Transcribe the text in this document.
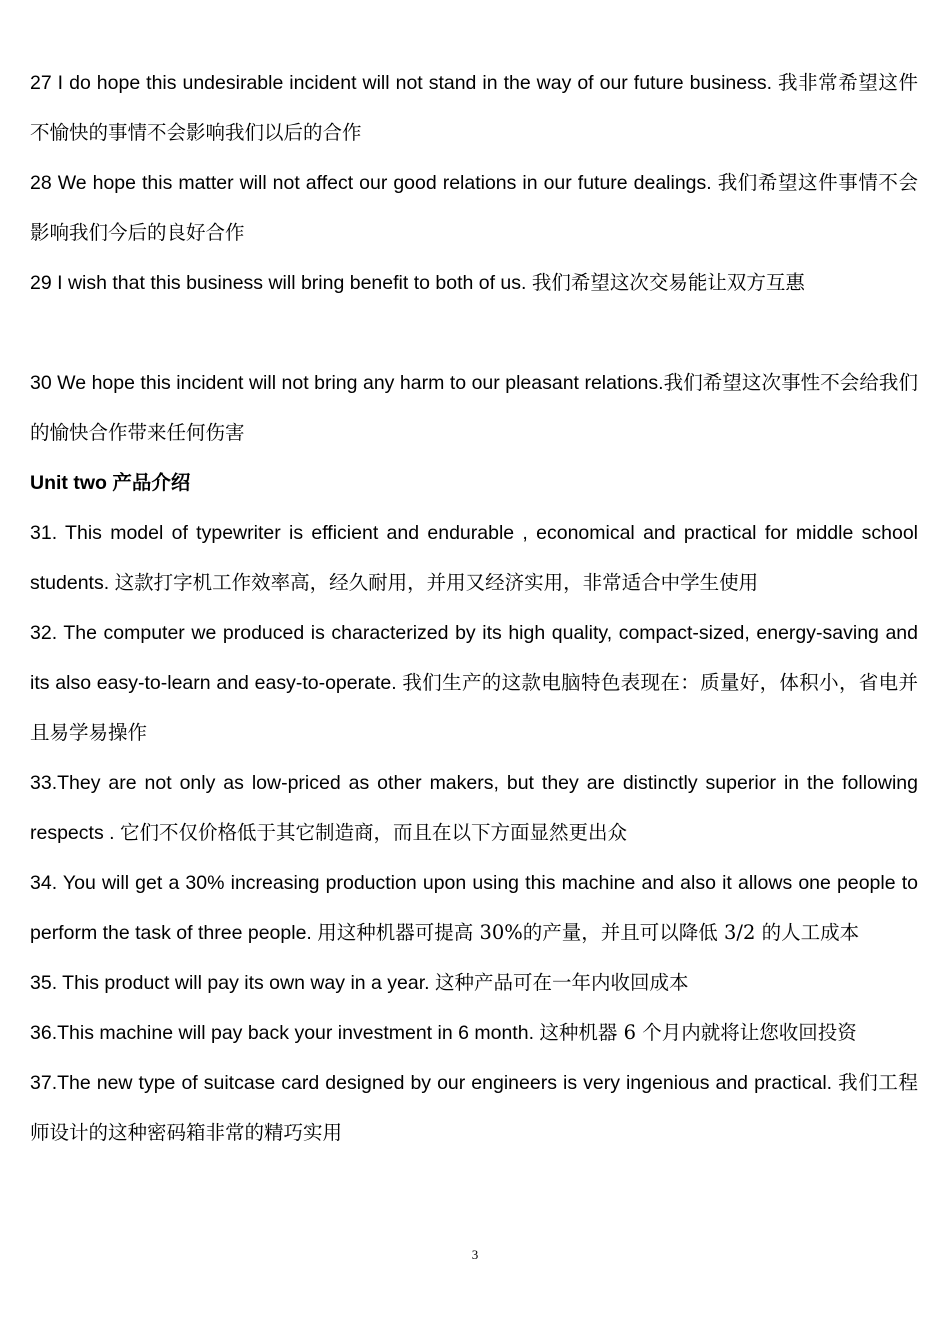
27 I do hope this undesirable incident will not stand in the way of our future business. 我非常希望这件不愉快的事情不会影响我们以后的合作

28 We hope this matter will not affect our good relations in our future dealings. 我们希望这件事情不会影响我们今后的良好合作

29 I wish that this business will bring benefit to both of us. 我们希望这次交易能让双方互惠

30 We hope this incident will not bring any harm to our pleasant relations.我们希望这次事性不会给我们的愉快合作带来任何伤害

Unit two 产品介绍

31. This model of typewriter is efficient and endurable , economical and practical for middle school students. 这款打字机工作效率高，经久耐用，并用又经济实用，非常适合中学生使用

32. The computer we produced is characterized by its high quality, compact-sized, energy-saving and its also easy-to-learn and easy-to-operate. 我们生产的这款电脑特色表现在：质量好，体积小，省电并且易学易操作

33.They are not only as low-priced as other makers, but they are distinctly superior in the following respects . 它们不仅价格低于其它制造商，而且在以下方面显然更出众

34. You will get a 30% increasing production upon using this machine and also it allows one people to perform the task of three people. 用这种机器可提高 30%的产量，并且可以降低 3/2 的人工成本

35. This product will pay its own way in a year. 这种产品可在一年内收回成本

36.This machine will pay back your investment in 6 month. 这种机器 6 个月内就将让您收回投资

37.The new type of suitcase card designed by our engineers is very ingenious and practical. 我们工程师设计的这种密码箱非常的精巧实用

3
